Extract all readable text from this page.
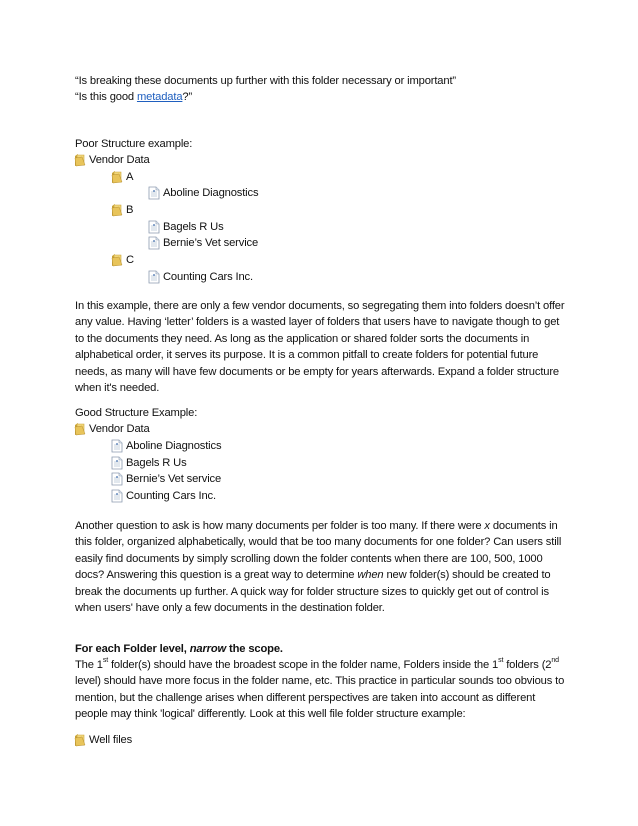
“Is breaking these documents up further with this folder necessary or important”
“Is this good metadata?”
Poor Structure example:
Vendor Data
A
Aboline Diagnostics
B
Bagels R Us
Bernie’s Vet service
C
Counting Cars Inc.

In this example, there are only a few vendor documents, so segregating them into folders doesn’t offer any value. Having ‘letter’ folders is a wasted layer of folders that users have to navigate though to get to the documents they need. As long as the application or shared folder sorts the documents in alphabetical order, it serves its purpose. It is a common pitfall to create folders for potential future needs, as many will have few documents or be empty for years afterwards. Expand a folder structure when it's needed.

Good Structure Example:
Vendor Data
Aboline Diagnostics
Bagels R Us
Bernie’s Vet service
Counting Cars Inc.

Another question to ask is how many documents per folder is too many. If there were x documents in this folder, organized alphabetically, would that be too many documents for one folder? Can users still easily find documents by simply scrolling down the folder contents when there are 100, 500, 1000 docs? Answering this question is a great way to determine when new folder(s) should be created to break the documents up further. A quick way for folder structure sizes to quickly get out of control is when users' have only a few documents in the destination folder.

For each Folder level, narrow the scope.

The 1st folder(s) should have the broadest scope in the folder name, Folders inside the 1st folders (2nd level) should have more focus in the folder name, etc. This practice in particular sounds too obvious to mention, but the challenge arises when different perspectives are taken into account as different people may think 'logical' differently. Look at this well file folder structure example:

Well files
